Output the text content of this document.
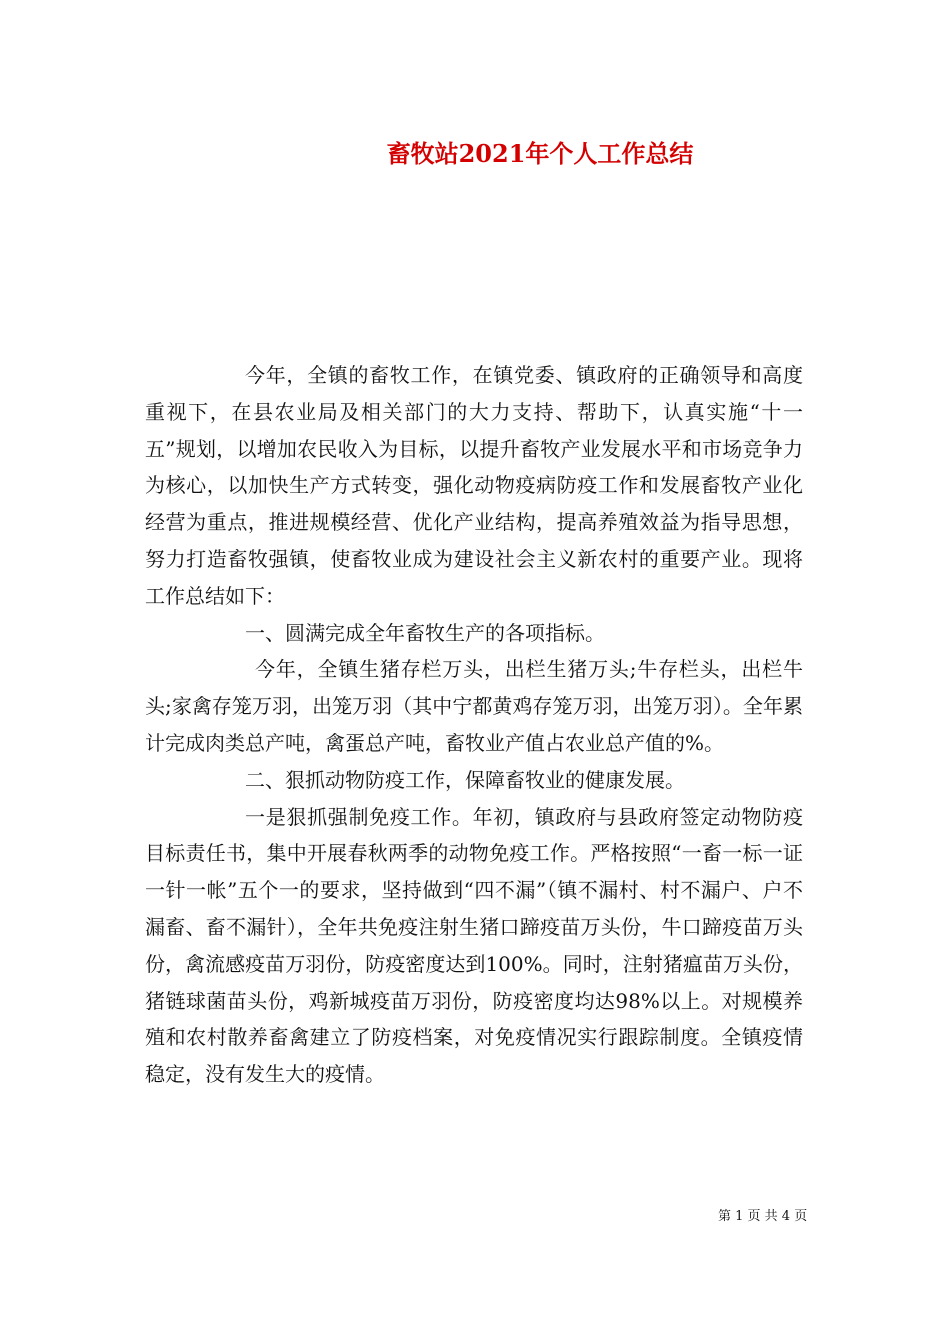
畜牧站2021年个人工作总结

今年，全镇的畜牧工作，在镇党委、镇政府的正确领导和高度重视下，在县农业局及相关部门的大力支持、帮助下，认真实施“十一五”规划，以增加农民收入为目标，以提升畜牧产业发展水平和市场竞争力为核心，以加快生产方式转变，强化动物疫病防疫工作和发展畜牧产业化经营为重点，推进规模经营、优化产业结构，提高养殖效益为指导思想，努力打造畜牧强镇，使畜牧业成为建设社会主义新农村的重要产业。现将工作总结如下：

一、圆满完成全年畜牧生产的各项指标。

今年，全镇生猪存栏万头，出栏生猪万头;牛存栏头，出栏牛头;家禽存笼万羽，出笼万羽（其中宁都黄鸡存笼万羽，出笼万羽）。全年累计完成肉类总产吨，禽蛋总产吨，畜牧业产值占农业总产值的%。

二、狠抓动物防疫工作，保障畜牧业的健康发展。

一是狠抓强制免疫工作。年初，镇政府与县政府签定动物防疫目标责任书，集中开展春秋两季的动物免疫工作。严格按照“一畜一标一证一针一帐”五个一的要求，坚持做到“四不漏”（镇不漏村、村不漏户、户不漏畜、畜不漏针），全年共免疫注射生猪口蹄疫苗万头份，牛口蹄疫苗万头份，禽流感疫苗万羽份，防疫密度达到100%。同时，注射猪瘟苗万头份，猪链球菌苗头份，鸡新城疫苗万羽份，防疫密度均达98%以上。对规模养殖和农村散养畜禽建立了防疫档案，对免疫情况实行跟踪制度。全镇疫情稳定，没有发生大的疫情。

第 1 页 共 4 页
